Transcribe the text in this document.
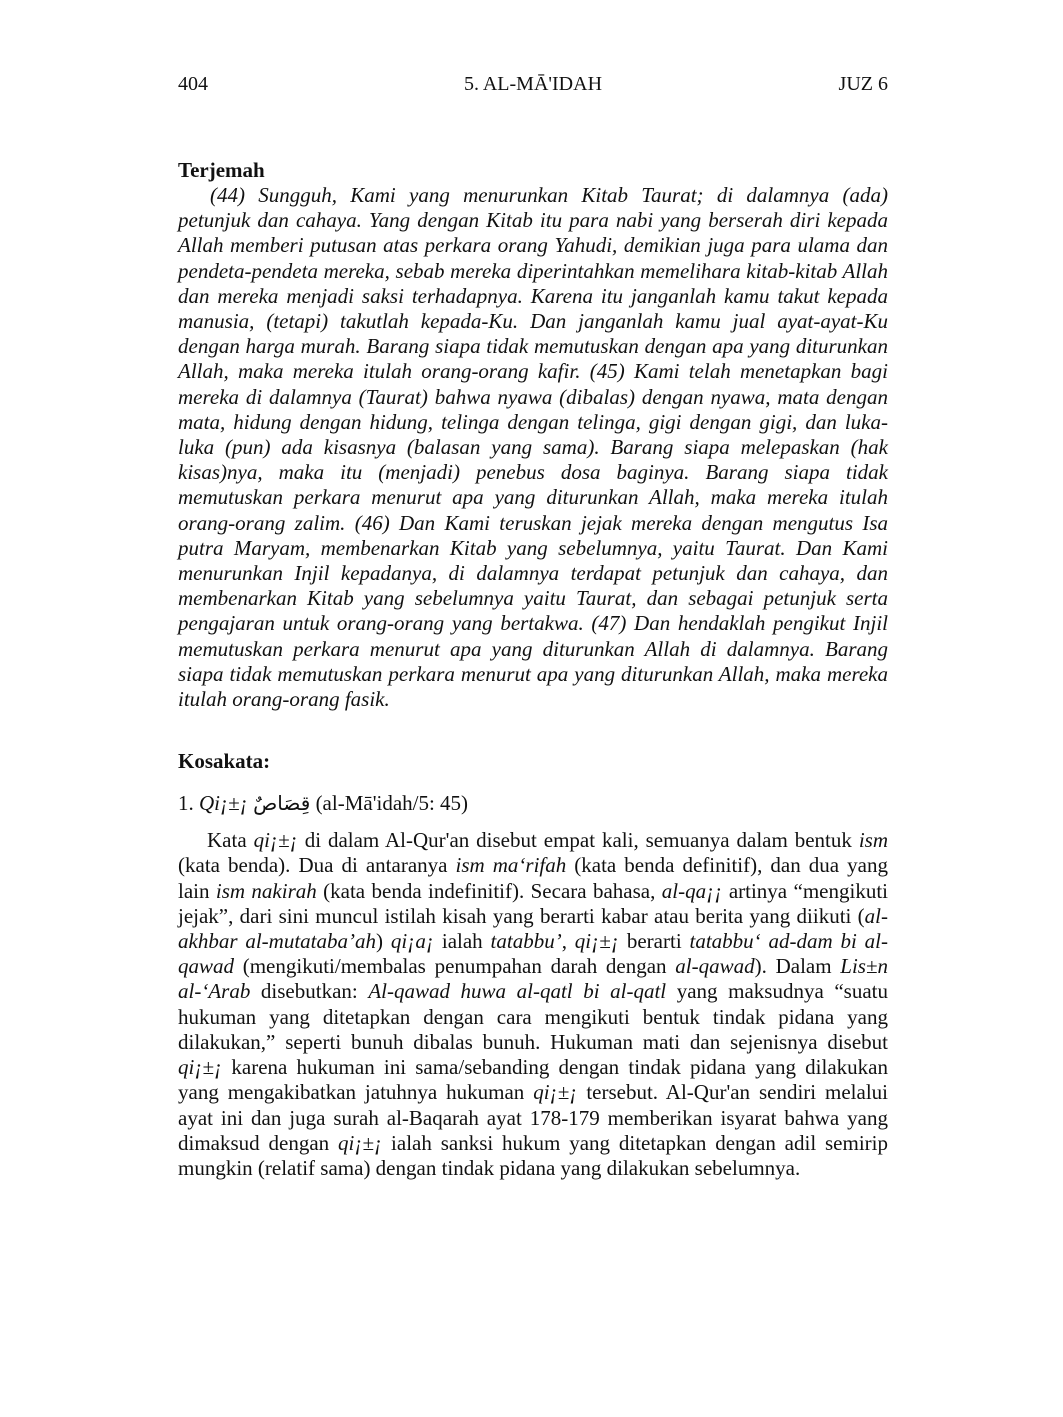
404	5. AL-MĀ'IDAH	JUZ 6
Terjemah

(44) Sungguh, Kami yang menurunkan Kitab Taurat; di dalamnya (ada) petunjuk dan cahaya. Yang dengan Kitab itu para nabi yang berserah diri kepada Allah memberi putusan atas perkara orang Yahudi, demikian juga para ulama dan pendeta-pendeta mereka, sebab mereka diperintahkan memelihara kitab-kitab Allah dan mereka menjadi saksi terhadapnya. Karena itu janganlah kamu takut kepada manusia, (tetapi) takutlah kepada-Ku. Dan janganlah kamu jual ayat-ayat-Ku dengan harga murah. Barang siapa tidak memutuskan dengan apa yang diturunkan Allah, maka mereka itulah orang-orang kafir. (45) Kami telah menetapkan bagi mereka di dalamnya (Taurat) bahwa nyawa (dibalas) dengan nyawa, mata dengan mata, hidung dengan hidung, telinga dengan telinga, gigi dengan gigi, dan luka-luka (pun) ada kisasnya (balasan yang sama). Barang siapa melepaskan (hak kisas)nya, maka itu (menjadi) penebus dosa baginya. Barang siapa tidak memutuskan perkara menurut apa yang diturunkan Allah, maka mereka itulah orang-orang zalim. (46) Dan Kami teruskan jejak mereka dengan mengutus Isa putra Maryam, membenarkan Kitab yang sebelumnya, yaitu Taurat. Dan Kami menurunkan Injil kepadanya, di dalamnya terdapat petunjuk dan cahaya, dan membenarkan Kitab yang sebelumnya yaitu Taurat, dan sebagai petunjuk serta pengajaran untuk orang-orang yang bertakwa. (47) Dan hendaklah pengikut Injil memutuskan perkara menurut apa yang diturunkan Allah di dalamnya. Barang siapa tidak memutuskan perkara menurut apa yang diturunkan Allah, maka mereka itulah orang-orang fasik.

Kosakata:

1. Qi¡±¡ قِصَاصٌ (al-Mā'idah/5: 45)

Kata qi¡±¡ di dalam Al-Qur'an disebut empat kali, semuanya dalam bentuk ism (kata benda). Dua di antaranya ism ma‘rifah (kata benda definitif), dan dua yang lain ism nakirah (kata benda indefinitif). Secara bahasa, al-qa¡¡ artinya “mengikuti jejak”, dari sini muncul istilah kisah yang berarti kabar atau berita yang diikuti (al-akhbar al-mutataba’ah) qi¡a¡ ialah tatabbu’, qi¡±¡ berarti tatabbu‘ ad-dam bi al-qawad (mengikuti/membalas penumpahan darah dengan al-qawad). Dalam Lis±n al-‘Arab disebutkan: Al-qawad huwa al-qatl bi al-qatl yang maksudnya “suatu hukuman yang ditetapkan dengan cara mengikuti bentuk tindak pidana yang dilakukan,” seperti bunuh dibalas bunuh. Hukuman mati dan sejenisnya disebut qi¡±¡ karena hukuman ini sama/sebanding dengan tindak pidana yang dilakukan yang mengakibatkan jatuhnya hukuman qi¡±¡ tersebut. Al-Qur'an sendiri melalui ayat ini dan juga surah al-Baqarah ayat 178-179 memberikan isyarat bahwa yang dimaksud dengan qi¡±¡ ialah sanksi hukum yang ditetapkan dengan adil semirip mungkin (relatif sama) dengan tindak pidana yang dilakukan sebelumnya.
